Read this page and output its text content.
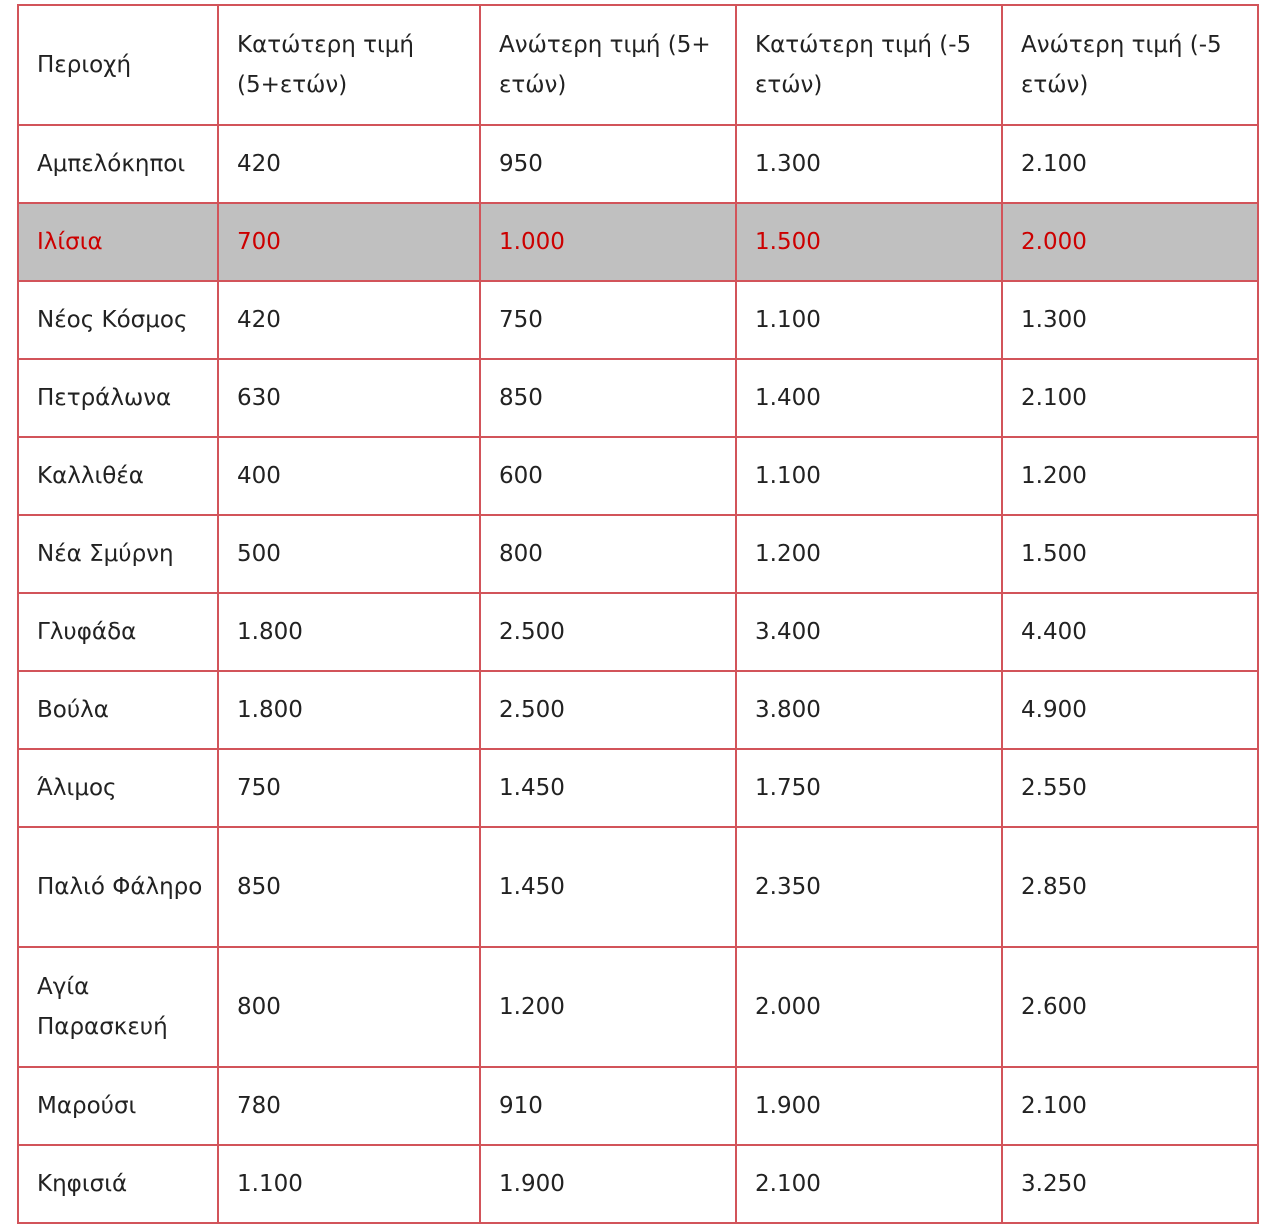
Περιοχή	Κατώτερη τιμή (5+ετών)	Ανώτερη τιμή (5+ ετών)	Κατώτερη τιμή (-5 ετών)	Ανώτερη τιμή (-5 ετών)
Αμπελόκηποι	420	950	1.300	2.100
Ιλίσια	700	1.000	1.500	2.000
Νέος Κόσμος	420	750	1.100	1.300
Πετράλωνα	630	850	1.400	2.100
Καλλιθέα	400	600	1.100	1.200
Νέα Σμύρνη	500	800	1.200	1.500
Γλυφάδα	1.800	2.500	3.400	4.400
Βούλα	1.800	2.500	3.800	4.900
Άλιμος	750	1.450	1.750	2.550
Παλιό Φάληρο	850	1.450	2.350	2.850
Αγία Παρασκευή	800	1.200	2.000	2.600
Μαρούσι	780	910	1.900	2.100
Κηφισιά	1.100	1.900	2.100	3.250
